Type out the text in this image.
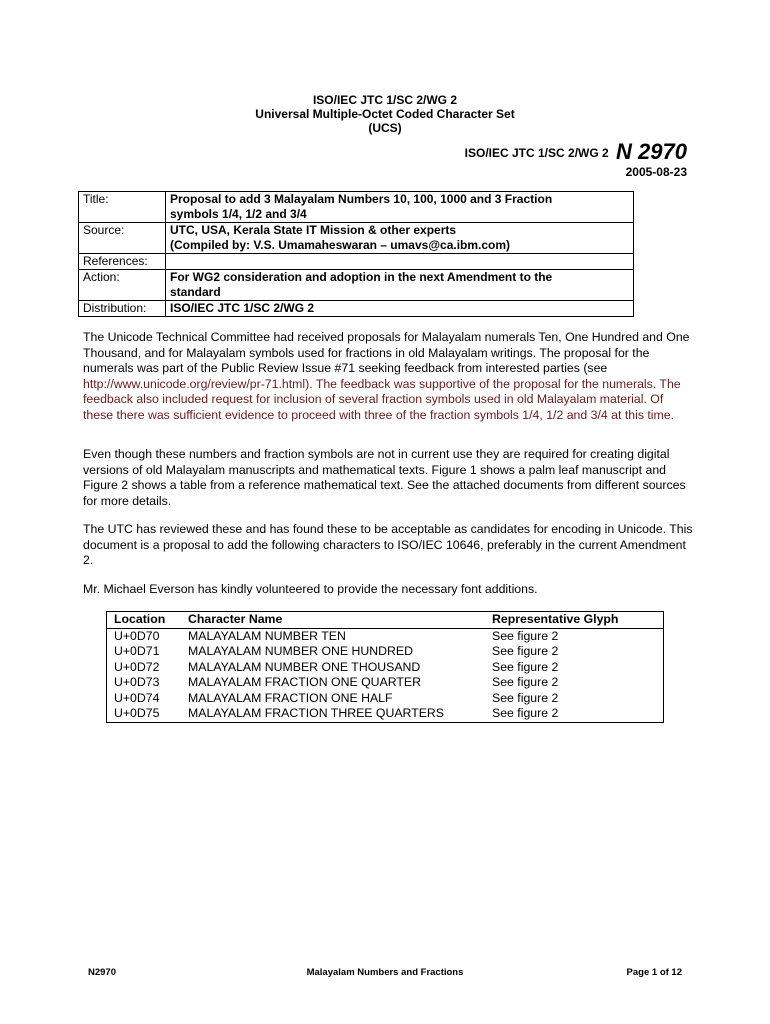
ISO/IEC JTC 1/SC 2/WG 2
Universal Multiple-Octet Coded Character Set
(UCS)
ISO/IEC JTC 1/SC 2/WG 2 N 2970
2005-08-23
Title:	Proposal to add 3 Malayalam Numbers 10, 100, 1000 and 3 Fraction
symbols 1/4, 1/2 and 3/4

Source:	UTC, USA, Kerala State IT Mission & other experts
(Compiled by: V.S. Umamaheswaran – umavs@ca.ibm.com)

References:	
Action:	For WG2 consideration and adoption in the next Amendment to the
standard

Distribution:	ISO/IEC JTC 1/SC 2/WG 2

The Unicode Technical Committee had received proposals for Malayalam numerals Ten, One Hundred and One Thousand, and for Malayalam symbols used for fractions in old Malayalam writings. The proposal for the numerals was part of the Public Review Issue #71 seeking feedback from interested parties (see http://www.unicode.org/review/pr-71.html). The feedback was supportive of the proposal for the numerals. The feedback also included request for inclusion of several fraction symbols used in old Malayalam material. Of these there was sufficient evidence to proceed with three of the fraction symbols 1/4, 1/2 and 3/4 at this time.

Even though these numbers and fraction symbols are not in current use they are required for creating digital versions of old Malayalam manuscripts and mathematical texts. Figure 1 shows a palm leaf manuscript and Figure 2 shows a table from a reference mathematical text. See the attached documents from different sources for more details.

The UTC has reviewed these and has found these to be acceptable as candidates for encoding in Unicode. This document is a proposal to add the following characters to ISO/IEC 10646, preferably in the current Amendment 2.

Mr. Michael Everson has kindly volunteered to provide the necessary font additions.

Location	Character Name	Representative Glyph
U+0D70	MALAYALAM NUMBER TEN	See figure 2
U+0D71	MALAYALAM NUMBER ONE HUNDRED	See figure 2
U+0D72	MALAYALAM NUMBER ONE THOUSAND	See figure 2
U+0D73	MALAYALAM FRACTION ONE QUARTER	See figure 2
U+0D74	MALAYALAM FRACTION ONE HALF	See figure 2
U+0D75	MALAYALAM FRACTION THREE QUARTERS	See figure 2
N2970	Malayalam Numbers and Fractions	Page 1 of 12
